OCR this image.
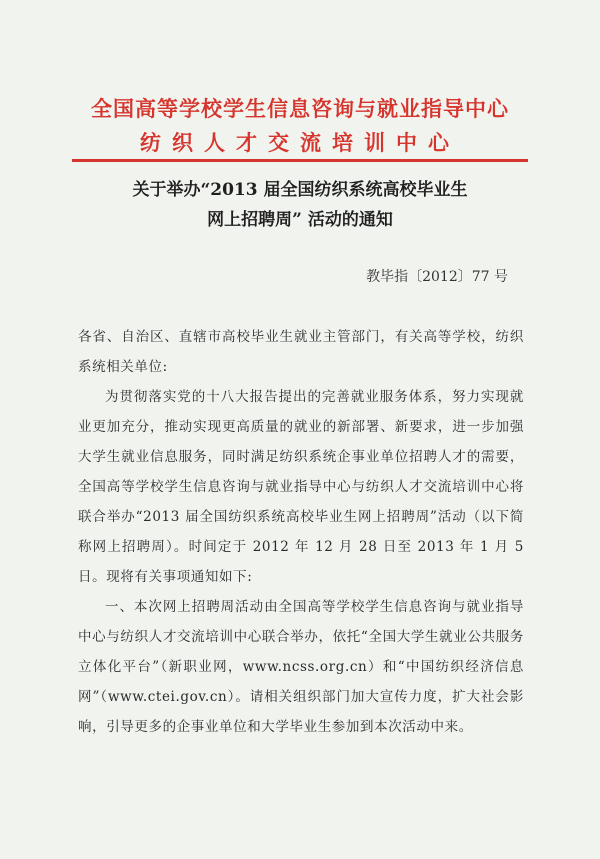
全国高等学校学生信息咨询与就业指导中心
纺织人才交流培训中心
关于举办“2013 届全国纺织系统高校毕业生
网上招聘周” 活动的通知
教毕指〔2012〕77 号

各省、自治区、直辖市高校毕业生就业主管部门，有关高等学校，纺织系统相关单位:

为贯彻落实党的十八大报告提出的完善就业服务体系，努力实现就业更加充分，推动实现更高质量的就业的新部署、新要求，进一步加强大学生就业信息服务，同时满足纺织系统企事业单位招聘人才的需要，全国高等学校学生信息咨询与就业指导中心与纺织人才交流培训中心将联合举办“2013 届全国纺织系统高校毕业生网上招聘周”活动（以下简称网上招聘周）。时间定于 2012 年 12 月 28 日至 2013 年 1 月 5 日。现将有关事项通知如下:

一、本次网上招聘周活动由全国高等学校学生信息咨询与就业指导中心与纺织人才交流培训中心联合举办，依托“全国大学生就业公共服务立体化平台”（新职业网，www.ncss.org.cn）和“中国纺织经济信息网”（www.ctei.gov.cn）。请相关组织部门加大宣传力度，扩大社会影响，引导更多的企事业单位和大学毕业生参加到本次活动中来。
